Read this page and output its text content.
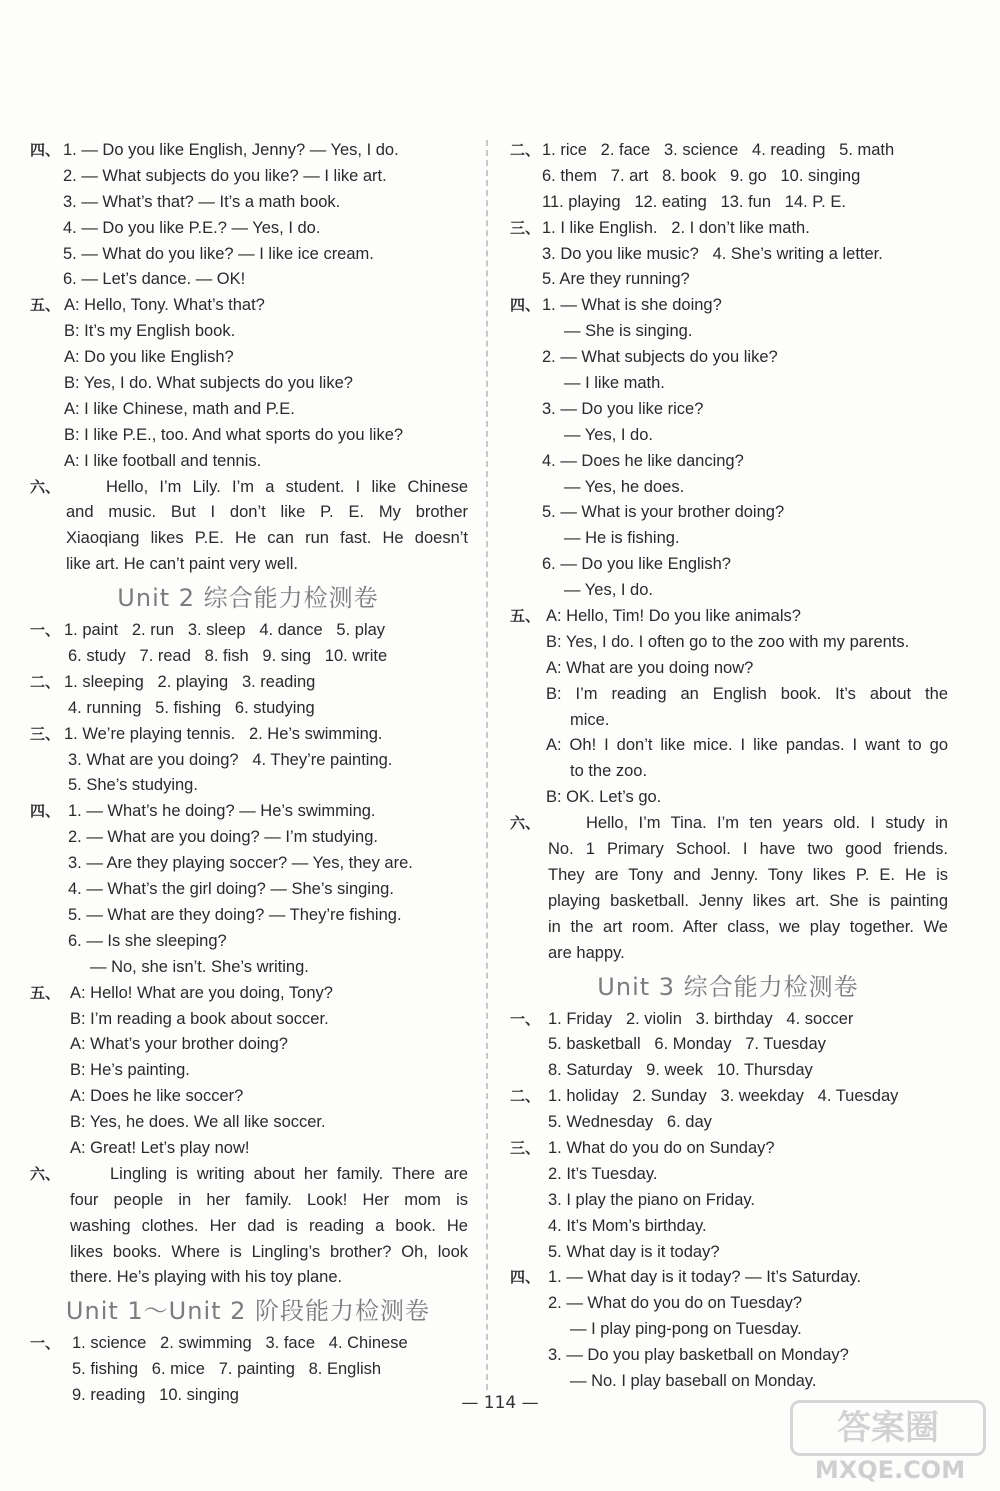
四、 1. — Do you like English, Jenny? — Yes, I do.
2. — What subjects do you like? — I like art.
3. — What’s that? — It’s a math book.
4. — Do you like P.E.? — Yes, I do.
5. — What do you like? — I like ice cream.
6. — Let’s dance. — OK!
五、 A: Hello, Tony. What’s that?
B: It’s my English book.
A: Do you like English?
B: Yes, I do. What subjects do you like?
A: I like Chinese, math and P.E.
B: I like P.E., too. And what sports do you like?
A: I like football and tennis.
六、	Hello, I’m Lily. I’m a student. I like Chinese
and music. But I don’t like P. E. My brother
Xiaoqiang likes P.E. He can run fast. He doesn’t
like art. He can’t paint very well.
Unit 2 综合能力检测卷
一、 1. paint   2. run   3. sleep   4. dance   5. play
6. study   7. read   8. fish   9. sing   10. write
二、 1. sleeping   2. playing   3. reading
4. running   5. fishing   6. studying
三、 1. We’re playing tennis.   2. He’s swimming.
3. What are you doing?   4. They’re painting.
5. She’s studying.
四、 1. — What’s he doing? — He’s swimming.
2. — What are you doing? — I’m studying.
3. — Are they playing soccer? — Yes, they are.
4. — What’s the girl doing? — She’s singing.
5. — What are they doing? — They’re fishing.
6. — Is she sleeping?
— No, she isn’t. She’s writing.
五、 A: Hello! What are you doing, Tony?
B: I’m reading a book about soccer.
A: What’s your brother doing?
B: He’s painting.
A: Does he like soccer?
B: Yes, he does. We all like soccer.
A: Great! Let’s play now!
六、	Lingling is writing about her family. There are
four people in her family. Look! Her mom is
washing clothes. Her dad is reading a book. He
likes books. Where is Lingling’s brother? Oh, look
there. He’s playing with his toy plane.
Unit 1～Unit 2 阶段能力检测卷
一、 1. science   2. swimming   3. face   4. Chinese
5. fishing   6. mice   7. painting   8. English
9. reading   10. singing
二、 1. rice   2. face   3. science   4. reading   5. math
6. them   7. art   8. book   9. go   10. singing
11. playing   12. eating   13. fun   14. P. E.
三、 1. I like English.   2. I don’t like math.
3. Do you like music?   4. She’s writing a letter.
5. Are they running?
四、 1. — What is she doing?
— She is singing.
2. — What subjects do you like?
— I like math.
3. — Do you like rice?
— Yes, I do.
4. — Does he like dancing?
— Yes, he does.
5. — What is your brother doing?
— He is fishing.
6. — Do you like English?
— Yes, I do.
五、 A: Hello, Tim! Do you like animals?
B: Yes, I do. I often go to the zoo with my parents.
A: What are you doing now?
B: I’m reading an English book. It’s about the
mice.
A: Oh! I don’t like mice. I like pandas. I want to go
to the zoo.
B: OK. Let’s go.
六、	Hello, I’m Tina. I’m ten years old. I study in
No. 1 Primary School. I have two good friends.
They are Tony and Jenny. Tony likes P. E. He is
playing basketball. Jenny likes art. She is painting
in the art room. After class, we play together. We
are happy.
Unit 3 综合能力检测卷
一、 1. Friday   2. violin   3. birthday   4. soccer
5. basketball   6. Monday   7. Tuesday
8. Saturday   9. week   10. Thursday
二、 1. holiday   2. Sunday   3. weekday   4. Tuesday
5. Wednesday   6. day
三、 1. What do you do on Sunday?
2. It’s Tuesday.
3. I play the piano on Friday.
4. It’s Mom’s birthday.
5. What day is it today?
四、 1. — What day is it today? — It’s Saturday.
2. — What do you do on Tuesday?
— I play ping-pong on Tuesday.
3. — Do you play basketball on Monday?
— No. I play baseball on Monday.
— 114 —
答案圈
MXQE.COM
